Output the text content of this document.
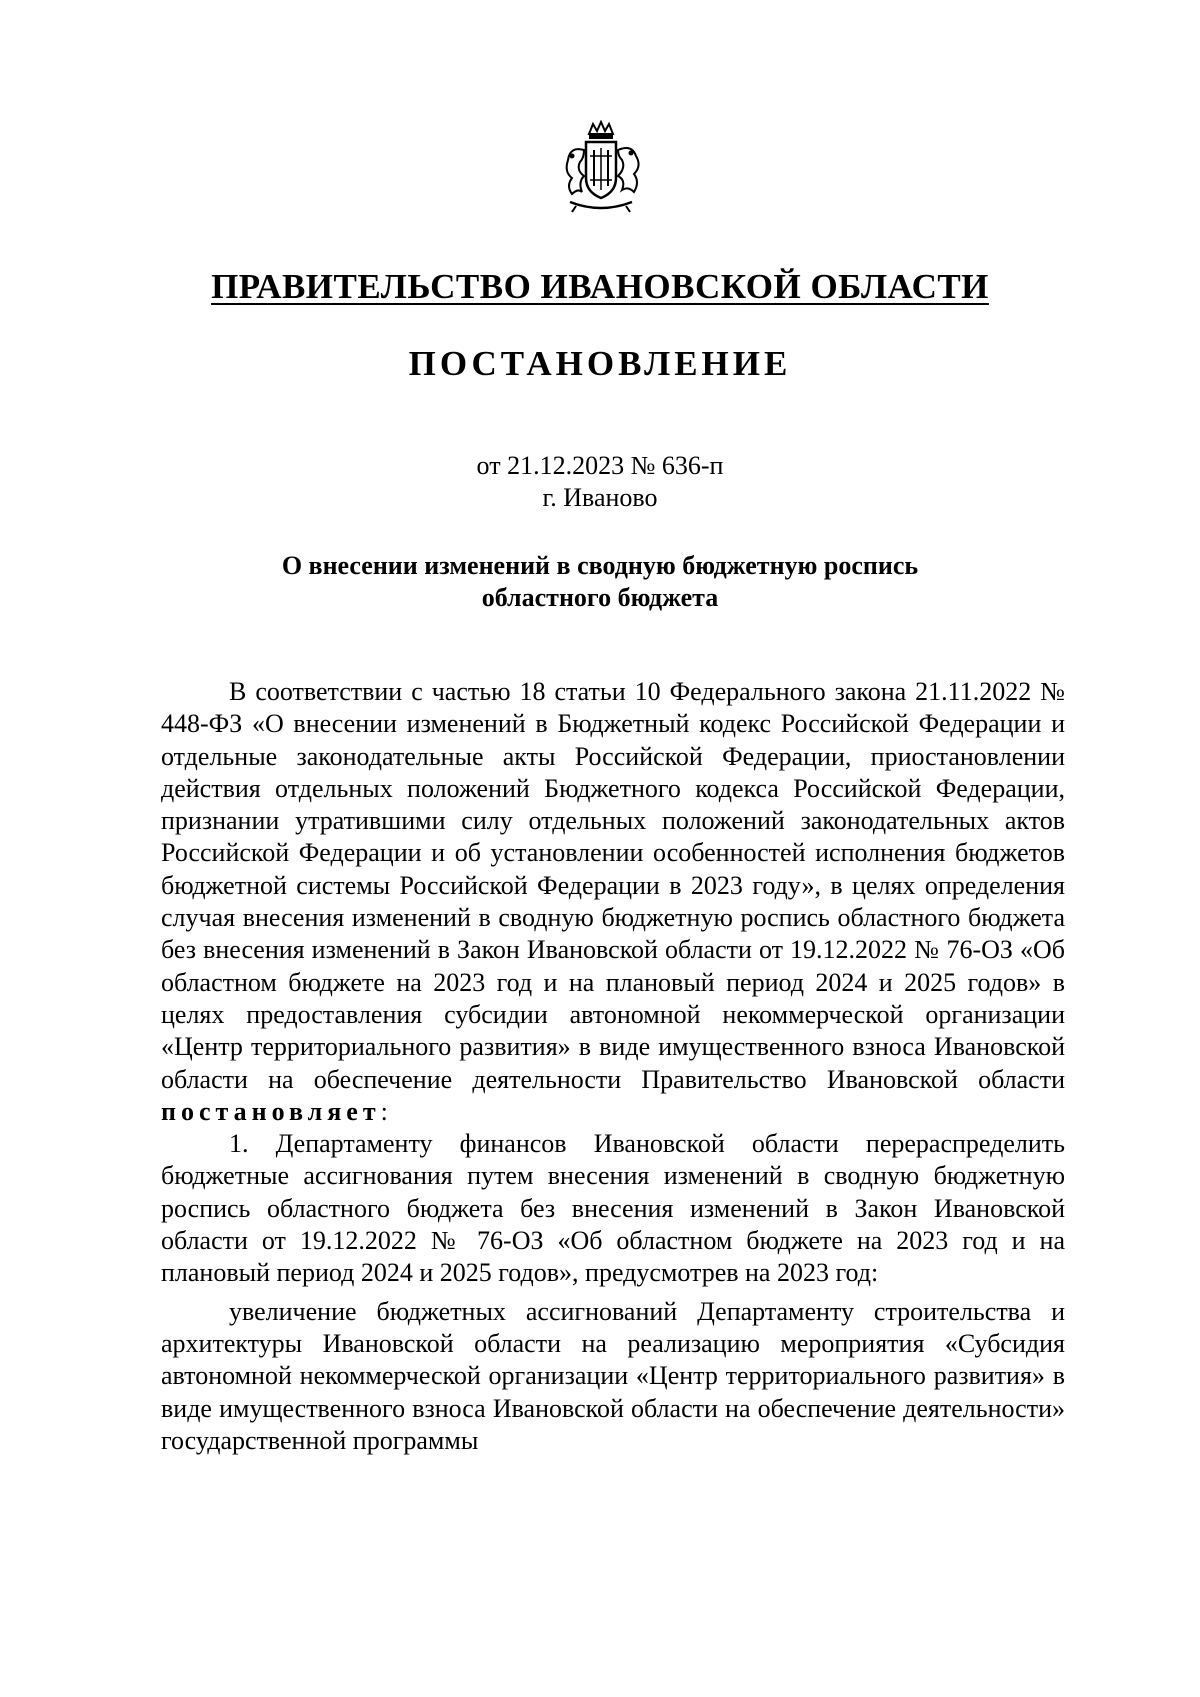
ПРАВИТЕЛЬСТВО ИВАНОВСКОЙ ОБЛАСТИ
ПОСТАНОВЛЕНИЕ
от 21.12.2023 № 636-п
г. Иваново
О внесении изменений в сводную бюджетную роспись
областного бюджета

В соответствии с частью 18 статьи 10 Федерального закона 21.11.2022 № 448-ФЗ «О внесении изменений в Бюджетный кодекс Российской Федерации и отдельные законодательные акты Российской Федерации, приостановлении действия отдельных положений Бюджетного кодекса Российской Федерации, признании утратившими силу отдельных положений законодательных актов Российской Федерации и об установлении особенностей исполнения бюджетов бюджетной системы Российской Федерации в 2023 году», в целях определения случая внесения изменений в сводную бюджетную роспись областного бюджета без внесения изменений в Закон Ивановской области от 19.12.2022 № 76-ОЗ «Об областном бюджете на 2023 год и на плановый период 2024 и 2025 годов» в целях предоставления субсидии автономной некоммерческой организации «Центр территориального развития» в виде имущественного взноса Ивановской области на обеспечение деятельности Правительство Ивановской области постановляет:

1. Департаменту финансов Ивановской области перераспределить бюджетные ассигнования путем внесения изменений в сводную бюджетную роспись областного бюджета без внесения изменений в Закон Ивановской области от 19.12.2022 № 76-ОЗ «Об областном бюджете на 2023 год и на плановый период 2024 и 2025 годов», предусмотрев на 2023 год:

увеличение бюджетных ассигнований Департаменту строительства и архитектуры Ивановской области на реализацию мероприятия «Субсидия автономной некоммерческой организации «Центр территориального развития» в виде имущественного взноса Ивановской области на обеспечение деятельности» государственной программы
